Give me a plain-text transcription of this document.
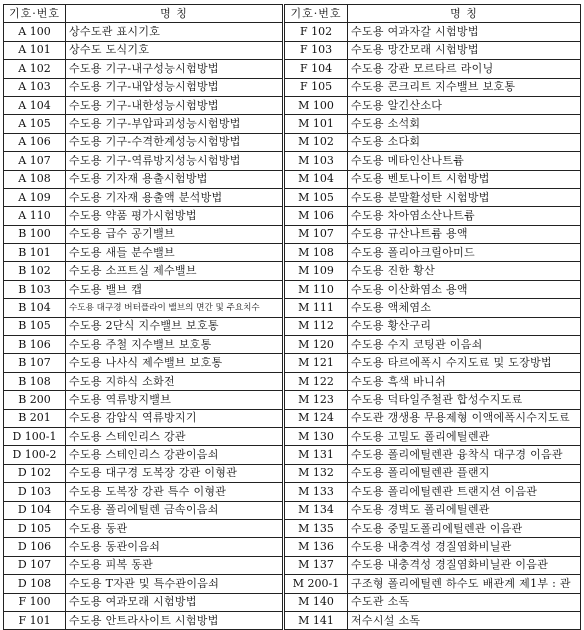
기호·번호	명 칭	기호·번호	명 칭
A 100	상수도관 표시기호	F 102	수도용 여과자갈 시험방법
A 101	상수도 도식기호	F 103	수도용 망간모래 시험방법
A 102	수도용 기구-내구성능시험방법	F 104	수도용 강관 모르타르 라이닝
A 103	수도용 기구-내압성능시험방법	F 105	수도용 콘크리트 지수밸브 보호통
A 104	수도용 기구-내한성능시험방법	M 100	수도용 알긴산소다
A 105	수도용 기구-부압파괴성능시험방법	M 101	수도용 소석회
A 106	수도용 기구-수격한계성능시험방법	M 102	수도용 소다회
A 107	수도용 기구-역류방지성능시험방법	M 103	수도용 메타인산나트륨
A 108	수도용 기자재 용출시험방법	M 104	수도용 벤토나이트 시험방법
A 109	수도용 기자재 용출액 분석방법	M 105	수도용 분말활성탄 시험방법
A 110	수도용 약품 평가시험방법	M 106	수도용 차아염소산나트륨
B 100	수도용 급수 공기밸브	M 107	수도용 규산나트륨 용액
B 101	수도용 새들 분수밸브	M 108	수도용 폴리아크릴아미드
B 102	수도용 소프트실 제수밸브	M 109	수도용 진한 황산
B 103	수도용 밸브 캡	M 110	수도용 이산화염소 용액
B 104	수도용 대구경 버터플라이 밸브의 면간 및 주요치수	M 111	수도용 액체염소
B 105	수도용 2단식 지수밸브 보호통	M 112	수도용 황산구리
B 106	수도용 주철 지수밸브 보호통	M 120	수도용 수지 코팅관 이음쇠
B 107	수도용 나사식 제수밸브 보호통	M 121	수도용 타르에폭시 수지도료 및 도장방법
B 108	수도용 지하식 소화전	M 122	수도용 흑색 바니쉬
B 200	수도용 역류방지밸브	M 123	수도용 덕타일주철관 합성수지도료
B 201	수도용 감압식 역류방지기	M 124	수도관 갱생용 무용제형 이액에폭시수지도료
D 100-1	수도용 스테인리스 강관	M 130	수도용 고밀도 폴리에틸렌관
D 100-2	수도용 스테인리스 강관이음쇠	M 131	수도용 폴리에틸렌관 융착식 대구경 이음관
D 102	수도용 대구경 도복장 강관 이형관	M 132	수도용 폴리에틸렌관 플랜지
D 103	수도용 도복장 강관 특수 이형관	M 133	수도용 폴리에틸렌관 트랜지션 이음관
D 104	수도용 폴리에틸렌 금속이음쇠	M 134	수도용 경벽도 폴리에틸렌관
D 105	수도용 동관	M 135	수도용 중밀도폴리에틸렌관 이음관
D 106	수도용 동관이음쇠	M 136	수도용 내충격성 경질염화비닐관
D 107	수도용 피복 동관	M 137	수도용 내충격성 경질염화비닐관 이음관
D 108	수도용 T자관 및 특수관이음쇠	M 200-1	구조형 폴리에틸렌 하수도 배관계 제1부 : 관
F 100	수도용 여과모래 시험방법	M 140	수도관 소독
F 101	수도용 안트라사이트 시험방법	M 141	저수시설 소독
